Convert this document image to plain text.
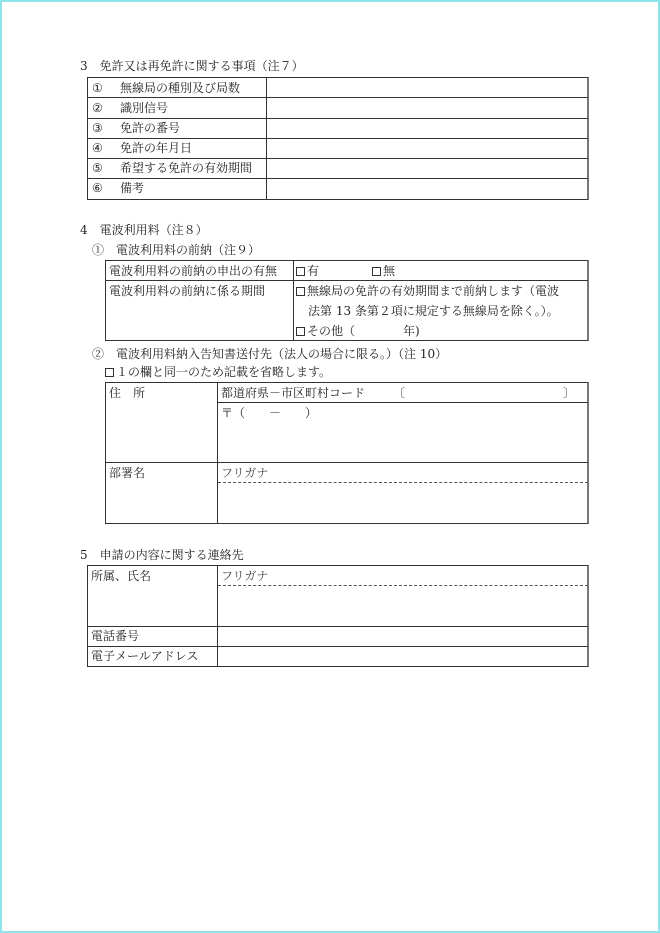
3　免許又は再免許に関する事項（注７）
① 無線局の種別及び局数
② 識別信号
③ 免許の番号
④ 免許の年月日
⑤ 希望する免許の有効期間
⑥ 備考
4　電波利用料（注８）
①　電波利用料の前納（注９）
電波利用料の前納の申出の有無	有	無
電波利用料の前納に係る期間	無線局の免許の有効期間まで前納します（電波
法第 13 条第２項に規定する無線局を除く。）。
その他（　　　　年)
②　電波利用料納入告知書送付先（法人の場合に限る。）（注 10）
１の欄と同一のため記載を省略します。
住　所	都道府県－市区町村コード 〔	〕
〒（　　－　　）
部署名	フリガナ
5　申請の内容に関する連絡先
所属、氏名	フリガナ
電話番号
電子メールアドレス
